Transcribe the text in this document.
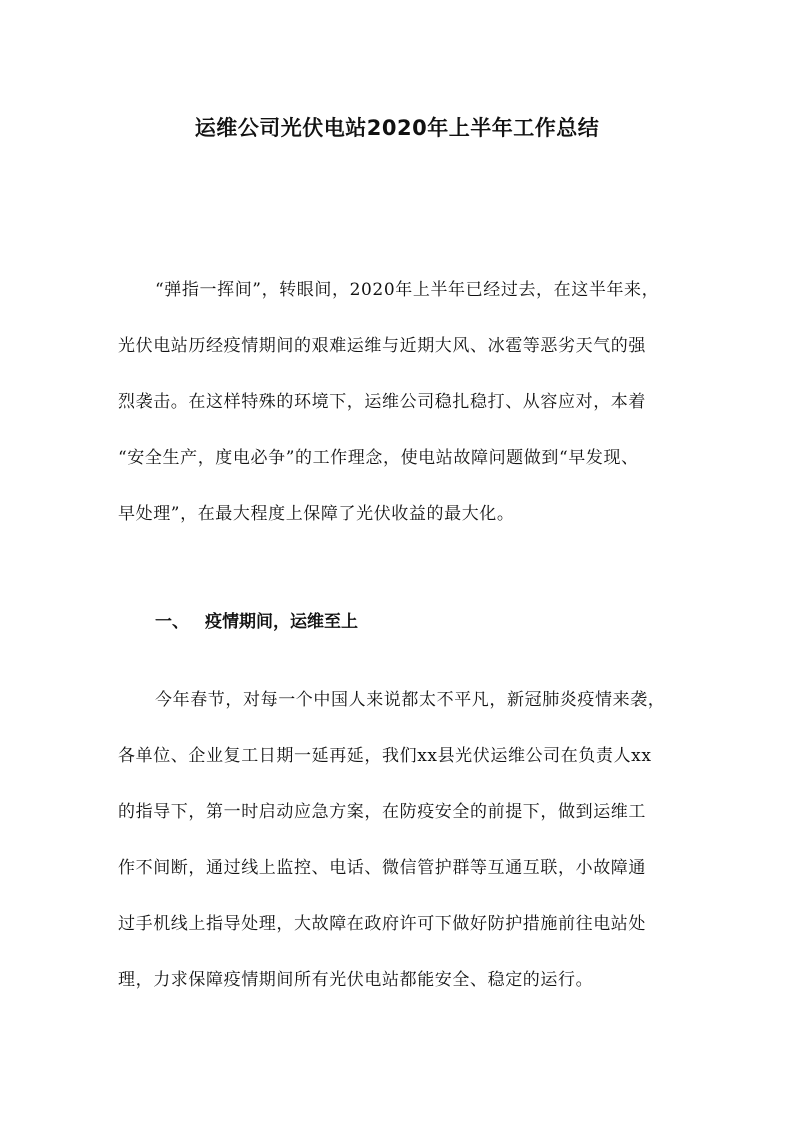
运维公司光伏电站2020年上半年工作总结
“弹指一挥间”，转眼间，2020年上半年已经过去，在这半年来，
光伏电站历经疫情期间的艰难运维与近期大风、冰雹等恶劣天气的强
烈袭击。在这样特殊的环境下，运维公司稳扎稳打、从容应对，本着
“安全生产，度电必争”的工作理念，使电站故障问题做到“早发现、
早处理”，在最大程度上保障了光伏收益的最大化。
一、 疫情期间，运维至上
今年春节，对每一个中国人来说都太不平凡，新冠肺炎疫情来袭，
各单位、企业复工日期一延再延，我们xx县光伏运维公司在负责人xx
的指导下，第一时启动应急方案，在防疫安全的前提下，做到运维工
作不间断，通过线上监控、电话、微信管护群等互通互联，小故障通
过手机线上指导处理，大故障在政府许可下做好防护措施前往电站处
理，力求保障疫情期间所有光伏电站都能安全、稳定的运行。
